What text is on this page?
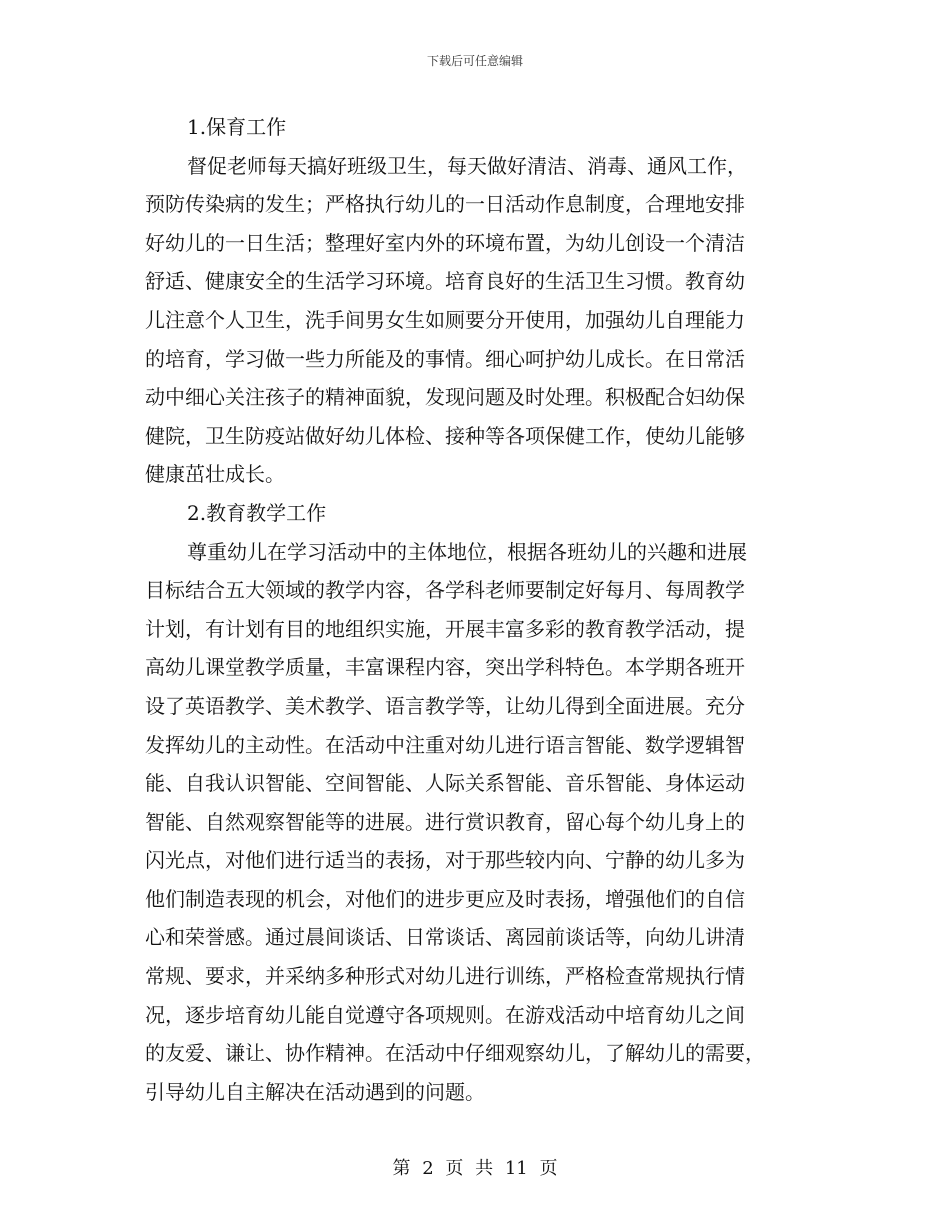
下载后可任意编辑
1.保育工作
督促老师每天搞好班级卫生，每天做好清洁、消毒、通风工作，
预防传染病的发生；严格执行幼儿的一日活动作息制度，合理地安排
好幼儿的一日生活；整理好室内外的环境布置，为幼儿创设一个清洁
舒适、健康安全的生活学习环境。培育良好的生活卫生习惯。教育幼
儿注意个人卫生，洗手间男女生如厕要分开使用，加强幼儿自理能力
的培育，学习做一些力所能及的事情。细心呵护幼儿成长。在日常活
动中细心关注孩子的精神面貌，发现问题及时处理。积极配合妇幼保
健院，卫生防疫站做好幼儿体检、接种等各项保健工作，使幼儿能够
健康茁壮成长。
2.教育教学工作
尊重幼儿在学习活动中的主体地位，根据各班幼儿的兴趣和进展
目标结合五大领域的教学内容，各学科老师要制定好每月、每周教学
计划，有计划有目的地组织实施，开展丰富多彩的教育教学活动，提
高幼儿课堂教学质量，丰富课程内容，突出学科特色。本学期各班开
设了英语教学、美术教学、语言教学等，让幼儿得到全面进展。充分
发挥幼儿的主动性。在活动中注重对幼儿进行语言智能、数学逻辑智
能、自我认识智能、空间智能、人际关系智能、音乐智能、身体运动
智能、自然观察智能等的进展。进行赏识教育，留心每个幼儿身上的
闪光点，对他们进行适当的表扬，对于那些较内向、宁静的幼儿多为
他们制造表现的机会，对他们的进步更应及时表扬，增强他们的自信
心和荣誉感。通过晨间谈话、日常谈话、离园前谈话等，向幼儿讲清
常规、要求，并采纳多种形式对幼儿进行训练，严格检查常规执行情
况，逐步培育幼儿能自觉遵守各项规则。在游戏活动中培育幼儿之间
的友爱、谦让、协作精神。在活动中仔细观察幼儿，了解幼儿的需要，
引导幼儿自主解决在活动遇到的问题。
第 2 页 共 11 页
